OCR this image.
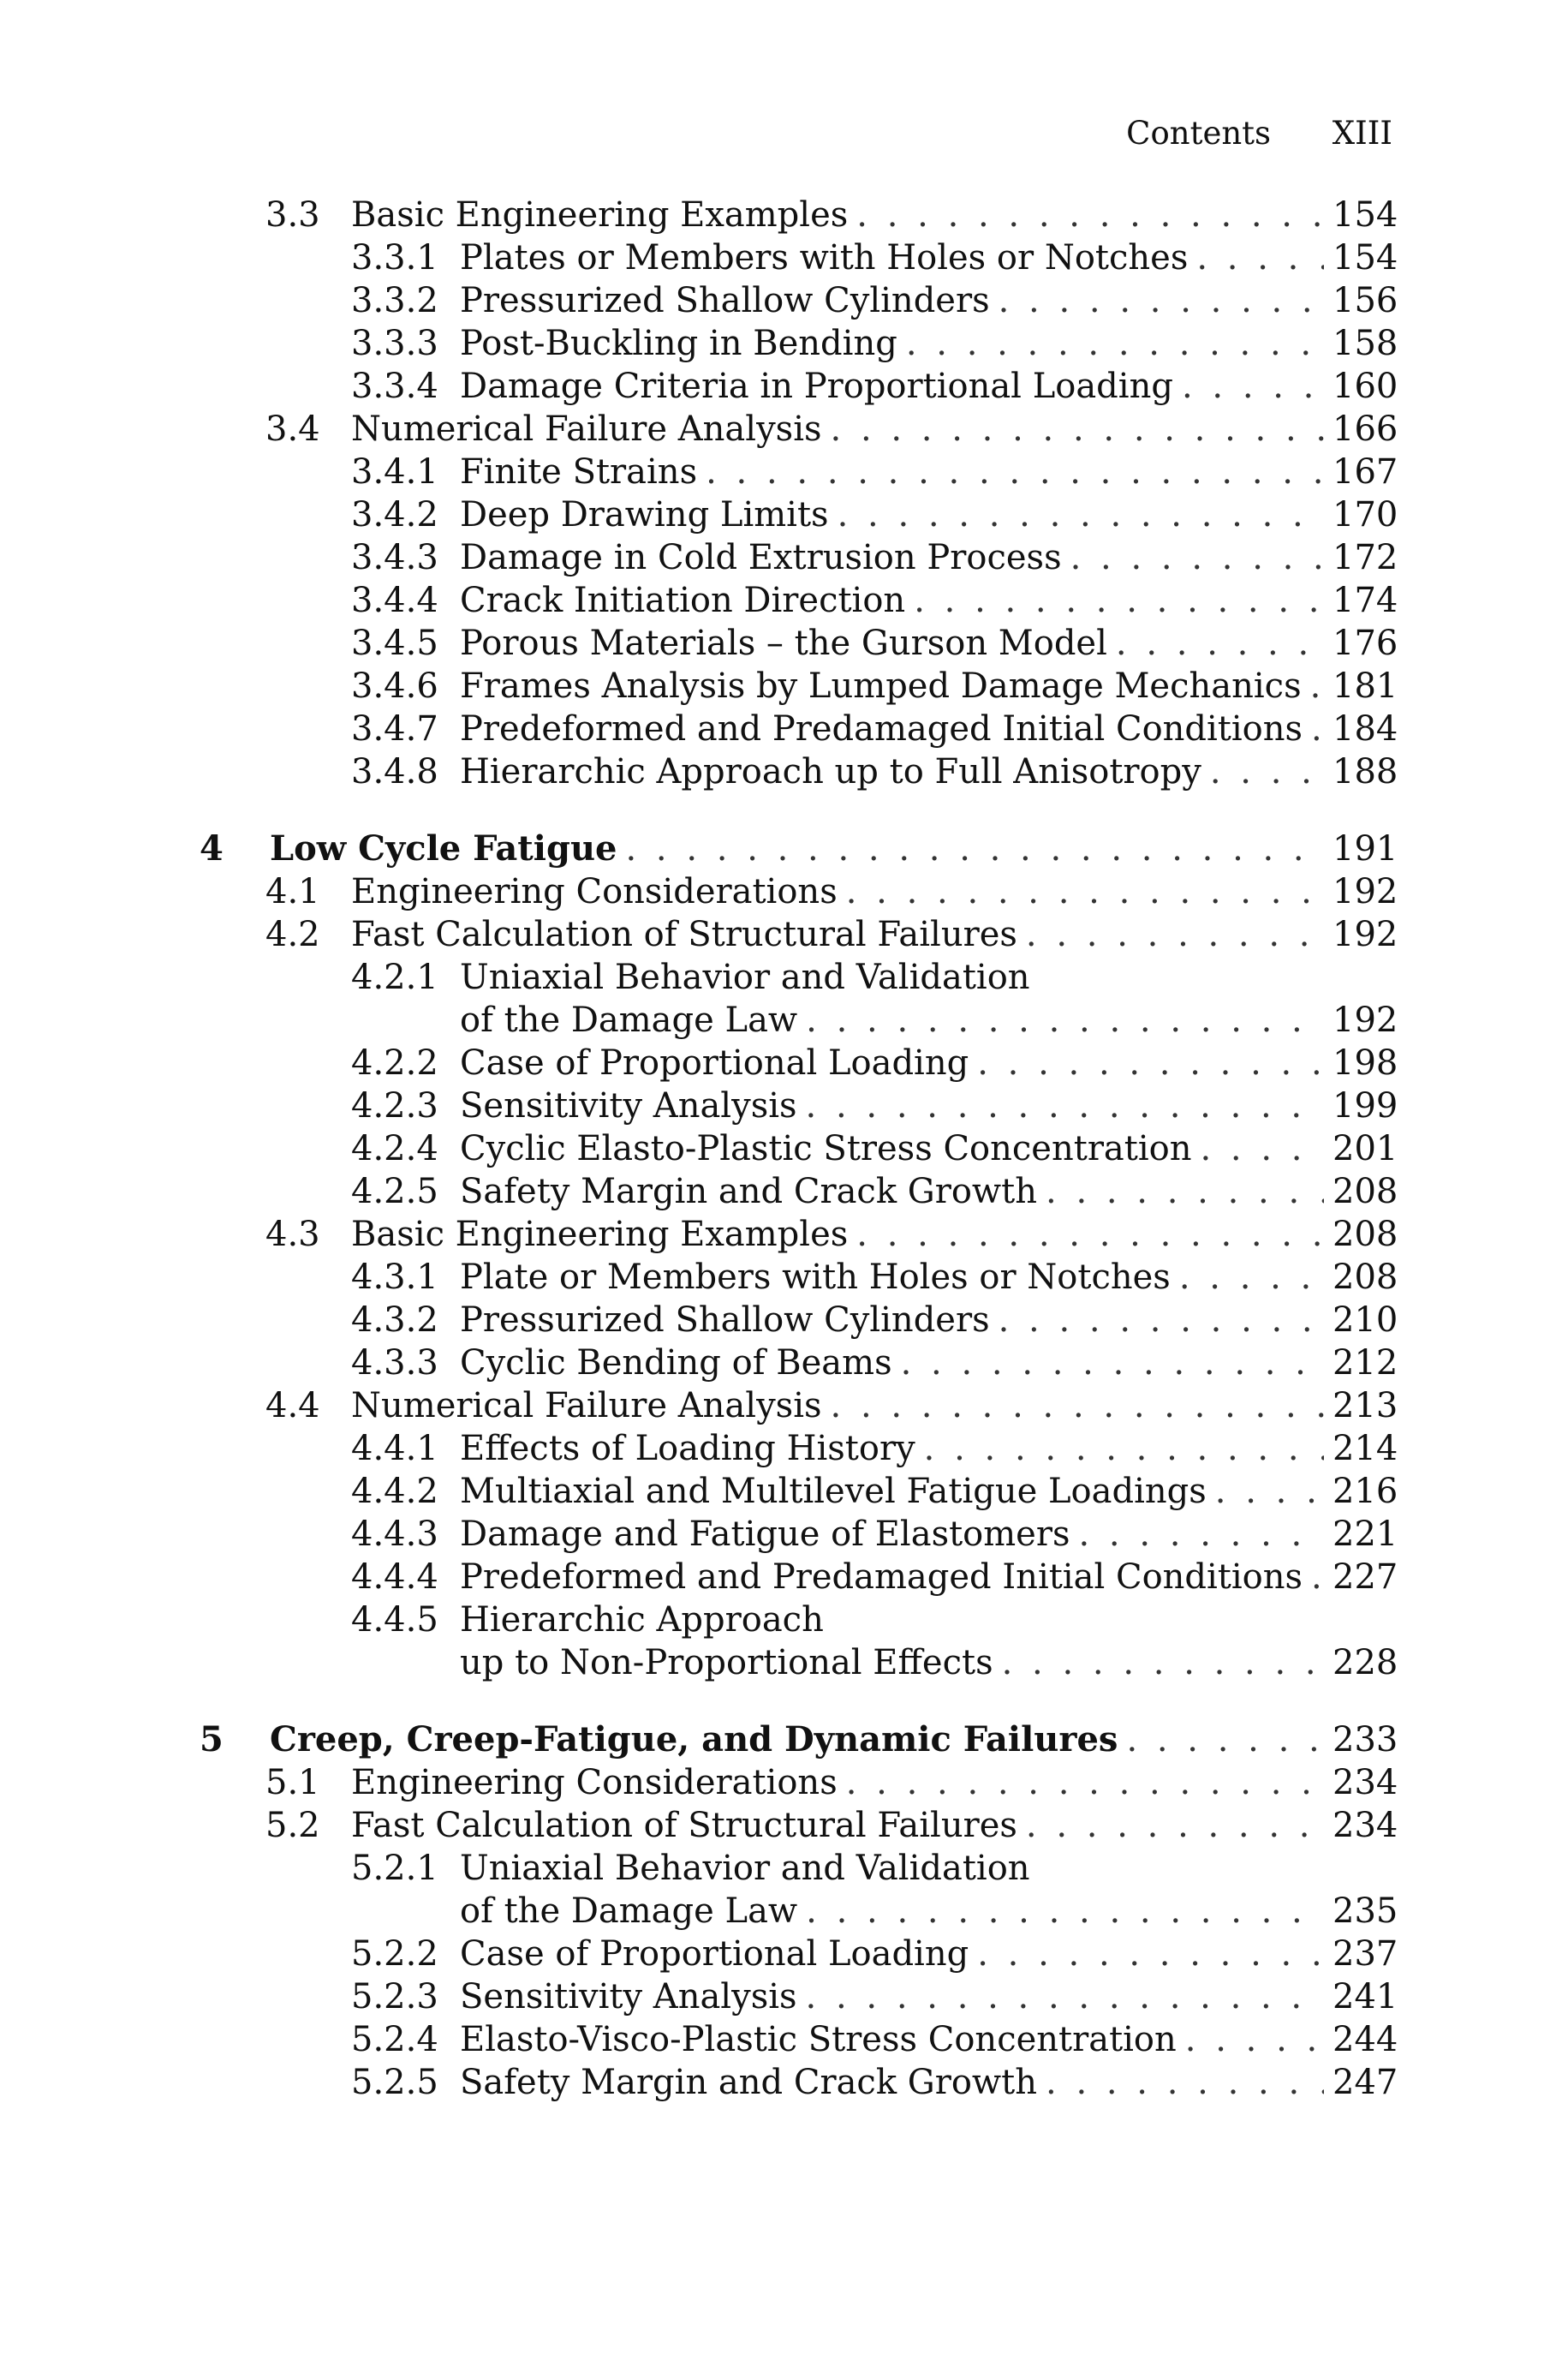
Contents XIII
3.3 Basic Engineering Examples . . .	154
3.3.1 Plates or Members with Holes or Notches . . .	154
3.3.2 Pressurized Shallow Cylinders . . .	156
3.3.3 Post-Buckling in Bending . . .	158
3.3.4 Damage Criteria in Proportional Loading . . .	160
3.4 Numerical Failure Analysis . . .	166
3.4.1 Finite Strains . . .	167
3.4.2 Deep Drawing Limits . . .	170
3.4.3 Damage in Cold Extrusion Process . . .	172
3.4.4 Crack Initiation Direction . . .	174
3.4.5 Porous Materials – the Gurson Model . . .	176
3.4.6 Frames Analysis by Lumped Damage Mechanics . . . 181
3.4.7 Predeformed and Predamaged Initial Conditions . . . 184
3.4.8 Hierarchic Approach up to Full Anisotropy . . .	188
4 Low Cycle Fatigue . . .	191
4.1 Engineering Considerations . . .	192
4.2 Fast Calculation of Structural Failures . . .	192
4.2.1 Uniaxial Behavior and Validation
of the Damage Law . . .	192
4.2.2 Case of Proportional Loading . . .	198
4.2.3 Sensitivity Analysis . . .	199
4.2.4 Cyclic Elasto-Plastic Stress Concentration . . .	201
4.2.5 Safety Margin and Crack Growth . . .	208
4.3 Basic Engineering Examples . . .	208
4.3.1 Plate or Members with Holes or Notches . . .	208
4.3.2 Pressurized Shallow Cylinders . . .	210
4.3.3 Cyclic Bending of Beams . . .	212
4.4 Numerical Failure Analysis . . .	213
4.4.1 Effects of Loading History . . .	214
4.4.2 Multiaxial and Multilevel Fatigue Loadings . . .	216
4.4.3 Damage and Fatigue of Elastomers . . .	221
4.4.4 Predeformed and Predamaged Initial Conditions . . . 227
4.4.5 Hierarchic Approach
up to Non-Proportional Effects . . .	228
5 Creep, Creep-Fatigue, and Dynamic Failures . . .	233
5.1 Engineering Considerations . . .	234
5.2 Fast Calculation of Structural Failures . . .	234
5.2.1 Uniaxial Behavior and Validation
of the Damage Law . . .	235
5.2.2 Case of Proportional Loading . . .	237
5.2.3 Sensitivity Analysis . . .	241
5.2.4 Elasto-Visco-Plastic Stress Concentration . . .	244
5.2.5 Safety Margin and Crack Growth . . .	247
